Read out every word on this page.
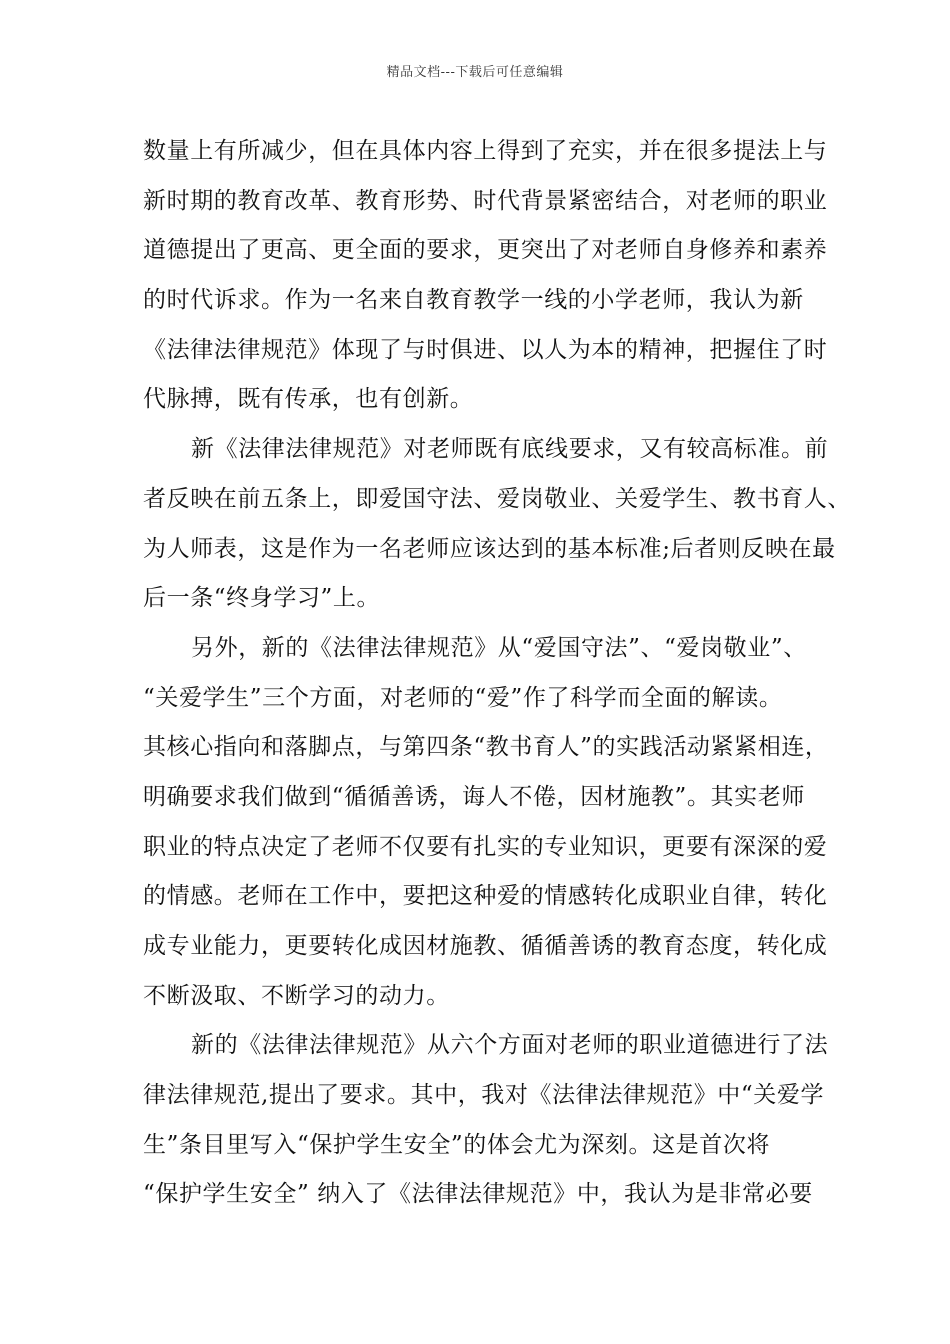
精品文档---下载后可任意编辑
数量上有所减少，但在具体内容上得到了充实，并在很多提法上与
新时期的教育改革、教育形势、时代背景紧密结合，对老师的职业
道德提出了更高、更全面的要求，更突出了对老师自身修养和素养
的时代诉求。作为一名来自教育教学一线的小学老师，我认为新
《法律法律规范》体现了与时俱进、以人为本的精神，把握住了时
代脉搏，既有传承，也有创新。
新《法律法律规范》对老师既有底线要求，又有较高标准。前
者反映在前五条上，即爱国守法、爱岗敬业、关爱学生、教书育人、
为人师表，这是作为一名老师应该达到的基本标准;后者则反映在最
后一条“终身学习”上。
另外，新的《法律法律规范》从“爱国守法”、“爱岗敬业”、
“关爱学生”三个方面，对老师的“爱”作了科学而全面的解读。
其核心指向和落脚点，与第四条“教书育人”的实践活动紧紧相连，
明确要求我们做到“循循善诱，诲人不倦，因材施教”。其实老师
职业的特点决定了老师不仅要有扎实的专业知识，更要有深深的爱
的情感。老师在工作中，要把这种爱的情感转化成职业自律，转化
成专业能力，更要转化成因材施教、循循善诱的教育态度，转化成
不断汲取、不断学习的动力。
新的《法律法律规范》从六个方面对老师的职业道德进行了法
律法律规范,提出了要求。其中，我对《法律法律规范》中“关爱学
生”条目里写入“保护学生安全”的体会尤为深刻。这是首次将
“保护学生安全” 纳入了《法律法律规范》中，我认为是非常必要
